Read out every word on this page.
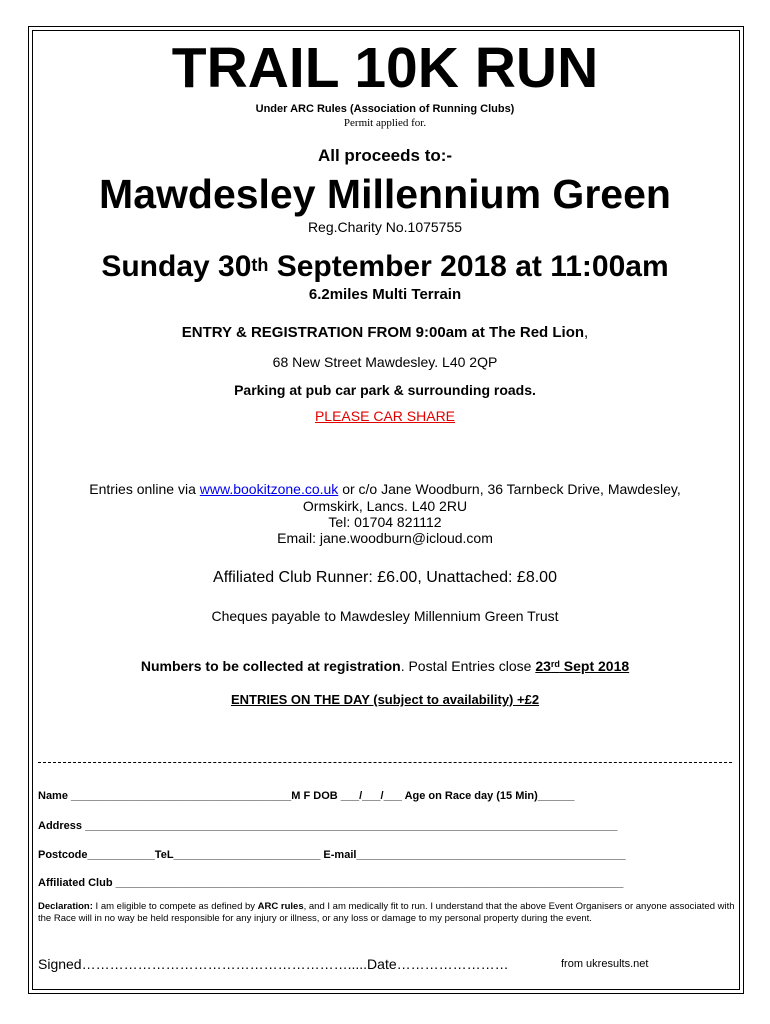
TRAIL 10K RUN
Under ARC Rules (Association of Running Clubs)
Permit applied for.
All proceeds to:-
Mawdesley Millennium Green
Reg.Charity No.1075755
Sunday 30th September 2018 at 11:00am
6.2miles Multi Terrain
ENTRY & REGISTRATION FROM 9:00am at The Red Lion,
68 New Street Mawdesley. L40 2QP
Parking at pub car park & surrounding roads.
PLEASE CAR SHARE
Entries online via www.bookitzone.co.uk or c/o Jane Woodburn, 36 Tarnbeck Drive, Mawdesley,
Ormskirk, Lancs. L40 2RU
Tel: 01704 821112
Email: jane.woodburn@icloud.com
Affiliated Club Runner: £6.00, Unattached: £8.00
Cheques payable to Mawdesley Millennium Green Trust
Numbers to be collected at registration. Postal Entries close 23rd Sept 2018
ENTRIES ON THE DAY (subject to availability) +£2
Name ____________________________________M F DOB ___/___/___ Age on Race day (15 Min)______
Address _______________________________________________________________________________________
Postcode___________TeL________________________ E-mail____________________________________________
Affiliated Club ___________________________________________________________________________________
Declaration: I am eligible to compete as defined by ARC rules, and I am medically fit to run. I understand that the above Event Organisers or anyone associated with the Race will in no way be held responsible for any injury or illness, or any loss or damage to my personal property during the event.
Signed………………………………………………….....Date……………………	from ukresults.net
